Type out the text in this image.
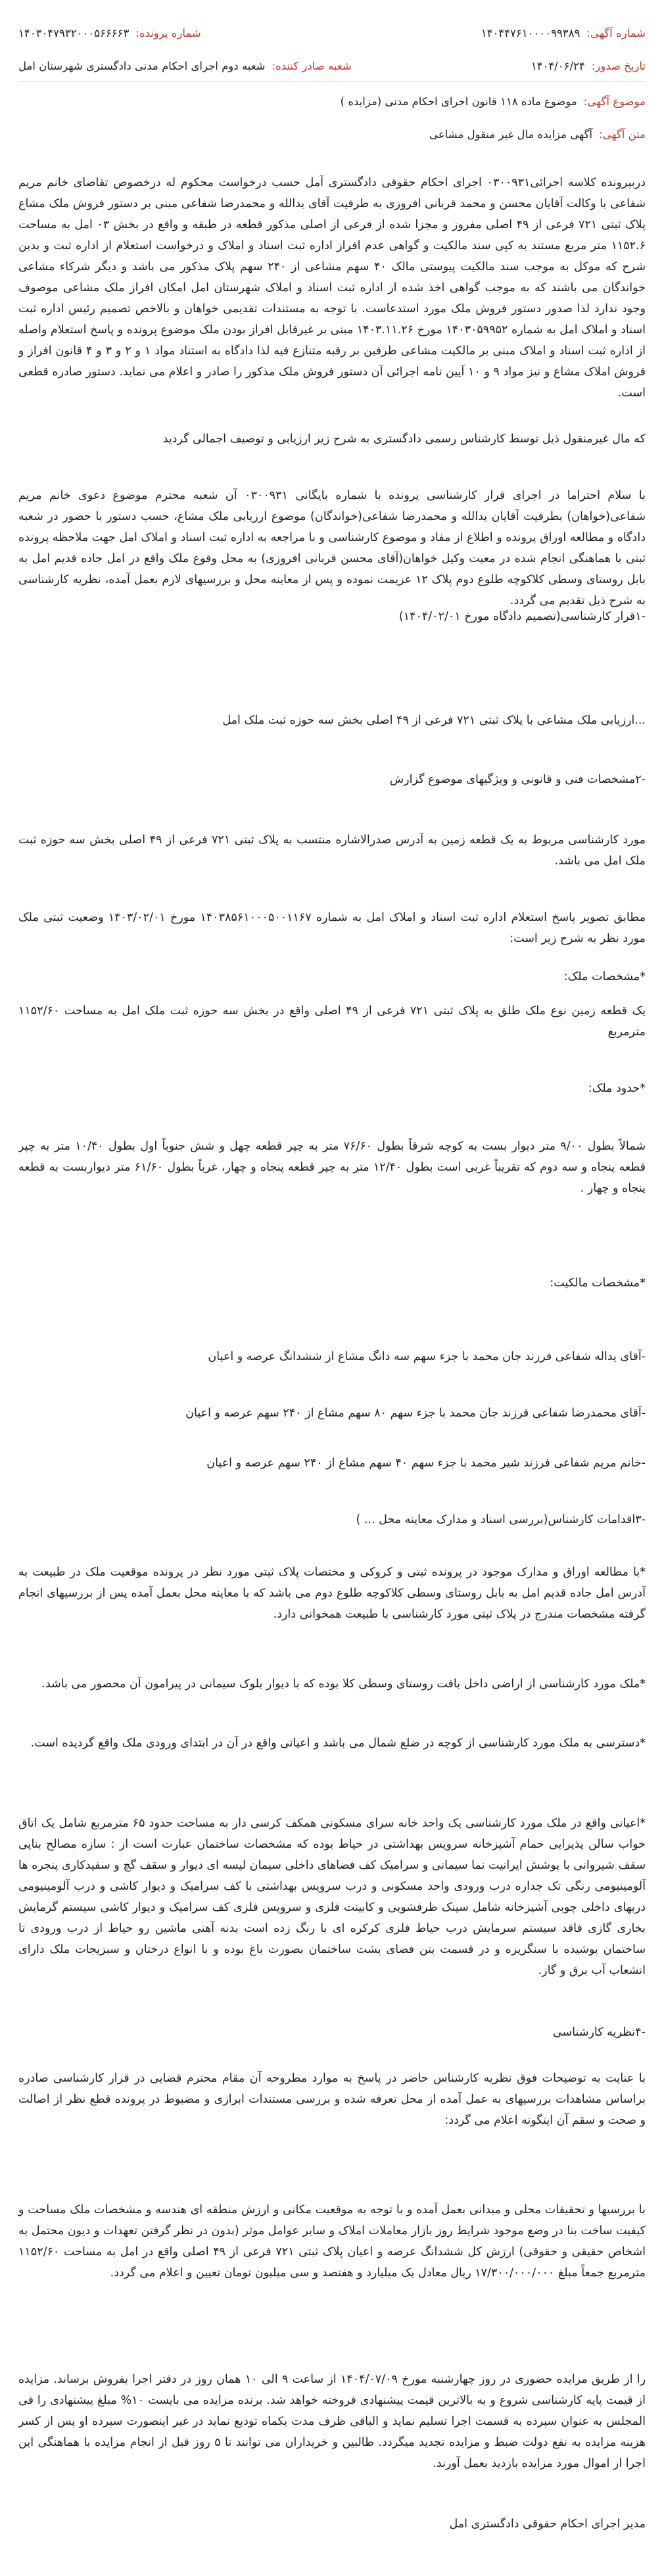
شماره آگهی:۱۴۰۴۴۷۶۱۰۰۰۰۹۹۳۸۹
شماره پرونده:۱۴۰۳۰۴۷۹۳۲۰۰۰۵۶۶۶۶۳
تاریخ صدور:۱۴۰۴/۰۶/۲۴
شعبه صادر کننده:شعبه دوم اجرای احکام مدنی دادگستری شهرستان امل
موضوع آگهی:موضوع ماده ۱۱۸ قانون اجرای احکام مدنی (مزایده )
متن آگهی:آگهی مزایده مال غیر منقول مشاعی

دربپرونده کلاسه اجرائی۰۳۰۰۹۳۱ اجرای احکام حقوقی دادگستری آمل حسب درخواست محکوم له درخصوص تقاضای خانم مریم شفاعی با وکالت آقایان محسن و محمد قربانی افروزی به طرفیت آقای یدالله و محمدرضا شفاعی مبنی بر دستور فروش ملک مشاع پلاک ثبتی ۷۲۱ فرعی از ۴۹ اصلی مفروز و مجزا شده از فرعی از اصلی مذکور قطعه در طبقه و واقع در بخش ۰۳ امل به مساحت ۱۱۵۲.۶ متر مربع مستند به کپی سند مالکیت و گواهی عدم افراز اداره ثبت اسناد و املاک و درخواست استعلام از اداره ثبت و بدین شرح که موکل به موجب سند مالکیت پیوستی مالک ۴۰ سهم مشاعی از ۲۴۰ سهم پلاک مذکور می باشد و دیگر شرکاء مشاعی خواندگان می باشند که به موجب گواهی اخذ شده از اداره ثبت اسناد و املاک شهرستان امل امکان افراز ملک مشاعی موصوف وجود ندارد لذا صدور دستور فروش ملک مورد استدعاست. با توجه به مستندات تقدیمی خواهان و بالاخص تصمیم رئیس اداره ثبت اسناد و املاک امل به شماره ۱۴۰۳۰۵۹۹۵۲ مورخ ۱۴۰۳.۱۱.۲۶ مبنی بر غیرقابل افراز بودن ملک موضوع پرونده و پاسخ استعلام واصله از اداره ثبت اسناد و املاک مبنی بر مالکیت مشاعی طرفین بر رقبه متنازع فیه لذا دادگاه به استناد مواد ۱ و ۲ و ۳ و ۴ قانون افراز و فروش املاک مشاع و نیز مواد ۹ و ۱۰ آیین نامه اجرائی آن دستور فروش ملک مذکور را صادر و اعلام می نماید. دستور صادره قطعی است.

که مال غیرمنقول ذیل توسط کارشناس رسمی دادگستری به شرح زیر ارزیابی و توصیف اجمالی گردید

با سلام احتراما در اجرای قرار کارشناسی پرونده با شماره بایگانی ۰۳۰۰۹۳۱ آن شعبه محترم موضوع دعوی خانم مریم شفاعی(خواهان) بطرفیت آقایان یدالله و محمدرضا شفاعی(خواندگان) موضوع ارزیابی ملک مشاع، حسب دستور با حضور در شعبه دادگاه و مطالعه اوراق پرونده و اطلاع از مفاد و موضوع کارشناسی و با مراجعه به اداره ثبت اسناد و املاک امل جهت ملاحظه پرونده ثبتی با هماهنگی انجام شده در معیت وکیل خواهان(آقای محسن قربانی افروزی) به محل وقوع ملک واقع در امل جاده قدیم امل به بابل روستای وسطی کلاکوچه طلوع دوم پلاک ۱۲ عزیمت نموده و پس از معاینه محل و بررسیهای لازم بعمل آمده، نظریه کارشناسی به شرح ذیل تقدیم می گردد.

-۱قرار کارشناسی(تصمیم دادگاه مورخ ۱۴۰۴/۰۲/۰۱)

...ارزیابی ملک مشاعی با پلاک ثبتی ۷۲۱ فرعی از ۴۹ اصلی بخش سه حوزه ثبت ملک امل

-۲مشخصات فنی و قانونی و ویژگیهای موضوع گزارش

مورد کارشناسی مربوط به یک قطعه زمین به آدرس صدرالاشاره منتسب به پلاک ثبتی ۷۲۱ فرعی از ۴۹ اصلی بخش سه حوزه ثبت ملک امل می باشد.

مطابق تصویر پاسخ استعلام اداره ثبت اسناد و املاک امل به شماره ۱۴۰۳۸۵۶۱۰۰۰۵۰۰۱۱۶۷ مورخ ۱۴۰۳/۰۲/۰۱ وضعیت ثبتی ملک مورد نظر به شرح زیر است:

*مشخصات ملک:

یک قطعه زمین نوع ملک طلق به پلاک ثبتی ۷۲۱ فرعی از ۴۹ اصلی واقع در بخش سه حوزه ثبت ملک امل به مساحت ۱۱۵۲/۶۰ مترمربع

*حدود ملک:

شمالاً بطول ۹/۰۰ متر دیوار بست به کوچه شرقاً بطول ۷۶/۶۰ متر به چپر قطعه چهل و شش جنوباً اول بطول ۱۰/۴۰ متر به چپر قطعه پنجاه و سه دوم که تقریباً غربی است بطول ۱۲/۴۰ متر به چپر قطعه پنجاه و چهار، غرباً بطول ۶۱/۶۰ متر دیواربست به قطعه پنجاه و چهار .

*مشخصات مالکیت:

-آقای یداله شفاعی فرزند جان محمد با جزء سهم سه دانگ مشاع از ششدانگ عرصه و اعیان

-آقای محمدرضا شفاعی فرزند جان محمد با جزء سهم ۸۰ سهم مشاع از ۲۴۰ سهم عرصه و اعیان

-خانم مریم شفاعی فرزند شیر محمد با جزء سهم ۴۰ سهم مشاع از ۲۴۰ سهم عرصه و اعیان

-۳اقدامات کارشناس(بررسی اسناد و مدارک معاینه محل ... )

*با مطالعه اوراق و مدارک موجود در پرونده ثبتی و کروکی و مختصات پلاک ثبتی مورد نظر در پرونده موقعیت ملک در طبیعت به آدرس امل جاده قدیم امل به بابل روستای وسطی کلاکوچه طلوع دوم می باشد که با معاینه محل بعمل آمده پس از بررسیهای انجام گرفته مشخصات مندرج در پلاک ثبتی مورد کارشناسی با طبیعت همخوانی دارد.

*ملک مورد کارشناسی از اراضی داخل بافت روستای وسطی کلا بوده که با دیوار بلوک سیمانی در پیرامون آن محصور می باشد.

*دسترسی به ملک مورد کارشناسی از کوچه در ضلع شمال می باشد و اعیانی واقع در آن در ابتدای ورودی ملک واقع گردیده است.

*اعیانی واقع در ملک مورد کارشناسی یک واحد خانه سرای مسکونی همکف کرسی دار به مساحت حدود ۶۵ مترمربع شامل یک اتاق خواب سالن پذیرایی حمام آشپزخانه سرویس بهداشتی در حیاط بوده که مشخصات ساختمان عبارت است از : سازه مصالح بنایی سقف شیروانی با پوشش ایرانیت نما سیمانی و سرامیک کف فضاهای داخلی سیمان لیسه ای دیوار و سقف گچ و سفیدکاری پنجره ها آلومینیومی رنگی تک جداره درب ورودی واحد مسکونی و درب سرویس بهداشتی با کف سرامیک و دیوار کاشی و درب آلومینیومی دربهای داخلی چوبی آشپزخانه شامل سینک ظرفشویی و کابینت فلزی و سرویس فلزی کف سرامیک و دیوار کاشی سیستم گرمایش بخاری گازی فاقد سیستم سرمایش درب حیاط فلزی کرکره ای با رنگ زده است بدنه آهنی ماشین رو حیاط از درب ورودی تا ساختمان پوشیده با سنگریزه و در قسمت بتن فضای پشت ساختمان بصورت باغ بوده و با انواع درختان و سبزیجات ملک دارای انشعاب آب برق و گاز.

-۴نظریه کارشناسی

با عنایت به توضیحات فوق نظریه کارشناس حاضر در پاسخ به موارد مطروحه آن مقام محترم قضایی در قرار کارشناسی صادره براساس مشاهدات بررسیهای به عمل آمده از محل تعرفه شده و بررسی مستندات ابرازی و مضبوط در پرونده قطع نظر از اصالت و صحت و سقم آن اینگونه اعلام می گردد:

با بررسیها و تحقیقات محلی و میدانی بعمل آمده و با توجه به موقعیت مکانی و ارزش منطقه ای هندسه و مشخصات ملک مساحت و کیفیت ساخت بنا در وضع موجود شرایط روز بازار معاملات املاک و سایر عوامل موثر (بدون در نظر گرفتن تعهدات و دیون محتمل به اشخاص حقیقی و حقوقی) ارزش کل ششدانگ عرصه و اعیان پلاک ثبتی ۷۲۱ فرعی از ۴۹ اصلی واقع در امل به مساحت ۱۱۵۲/۶۰ مترمربع جمعاً مبلغ ۱۷/۳۰۰/۰۰۰/۰۰۰ ریال معادل یک میلیارد و هفتصد و سی میلیون تومان تعیین و اعلام می گردد.

را از طریق مزایده حضوری در روز چهارشنبه مورخ ۱۴۰۴/۰۷/۰۹ از ساعت ۹ الی ۱۰ همان روز در دفتر اجرا بفروش برساند. مزایده از قیمت پایه کارشناسی شروع و به بالاترین قیمت پیشنهادی فروخته خواهد شد. برنده مزایده می بایست ۱۰% مبلغ پیشنهادی را فی المجلس به عنوان سپرده به قسمت اجرا تسلیم نماید و الباقی ظرف مدت یکماه تودیع نماید در غیر اینصورت سپرده او پس از کسر هزینه مزایده به نفع دولت ضبط و مزایده تجدید میگردد. طالبین و خریداران می توانند تا ۵ روز قبل از انجام مزایده با هماهنگی این اجرا از اموال مورد مزایده بازدید بعمل آورند.

مدیر اجرای احکام حقوقی دادگستری امل
